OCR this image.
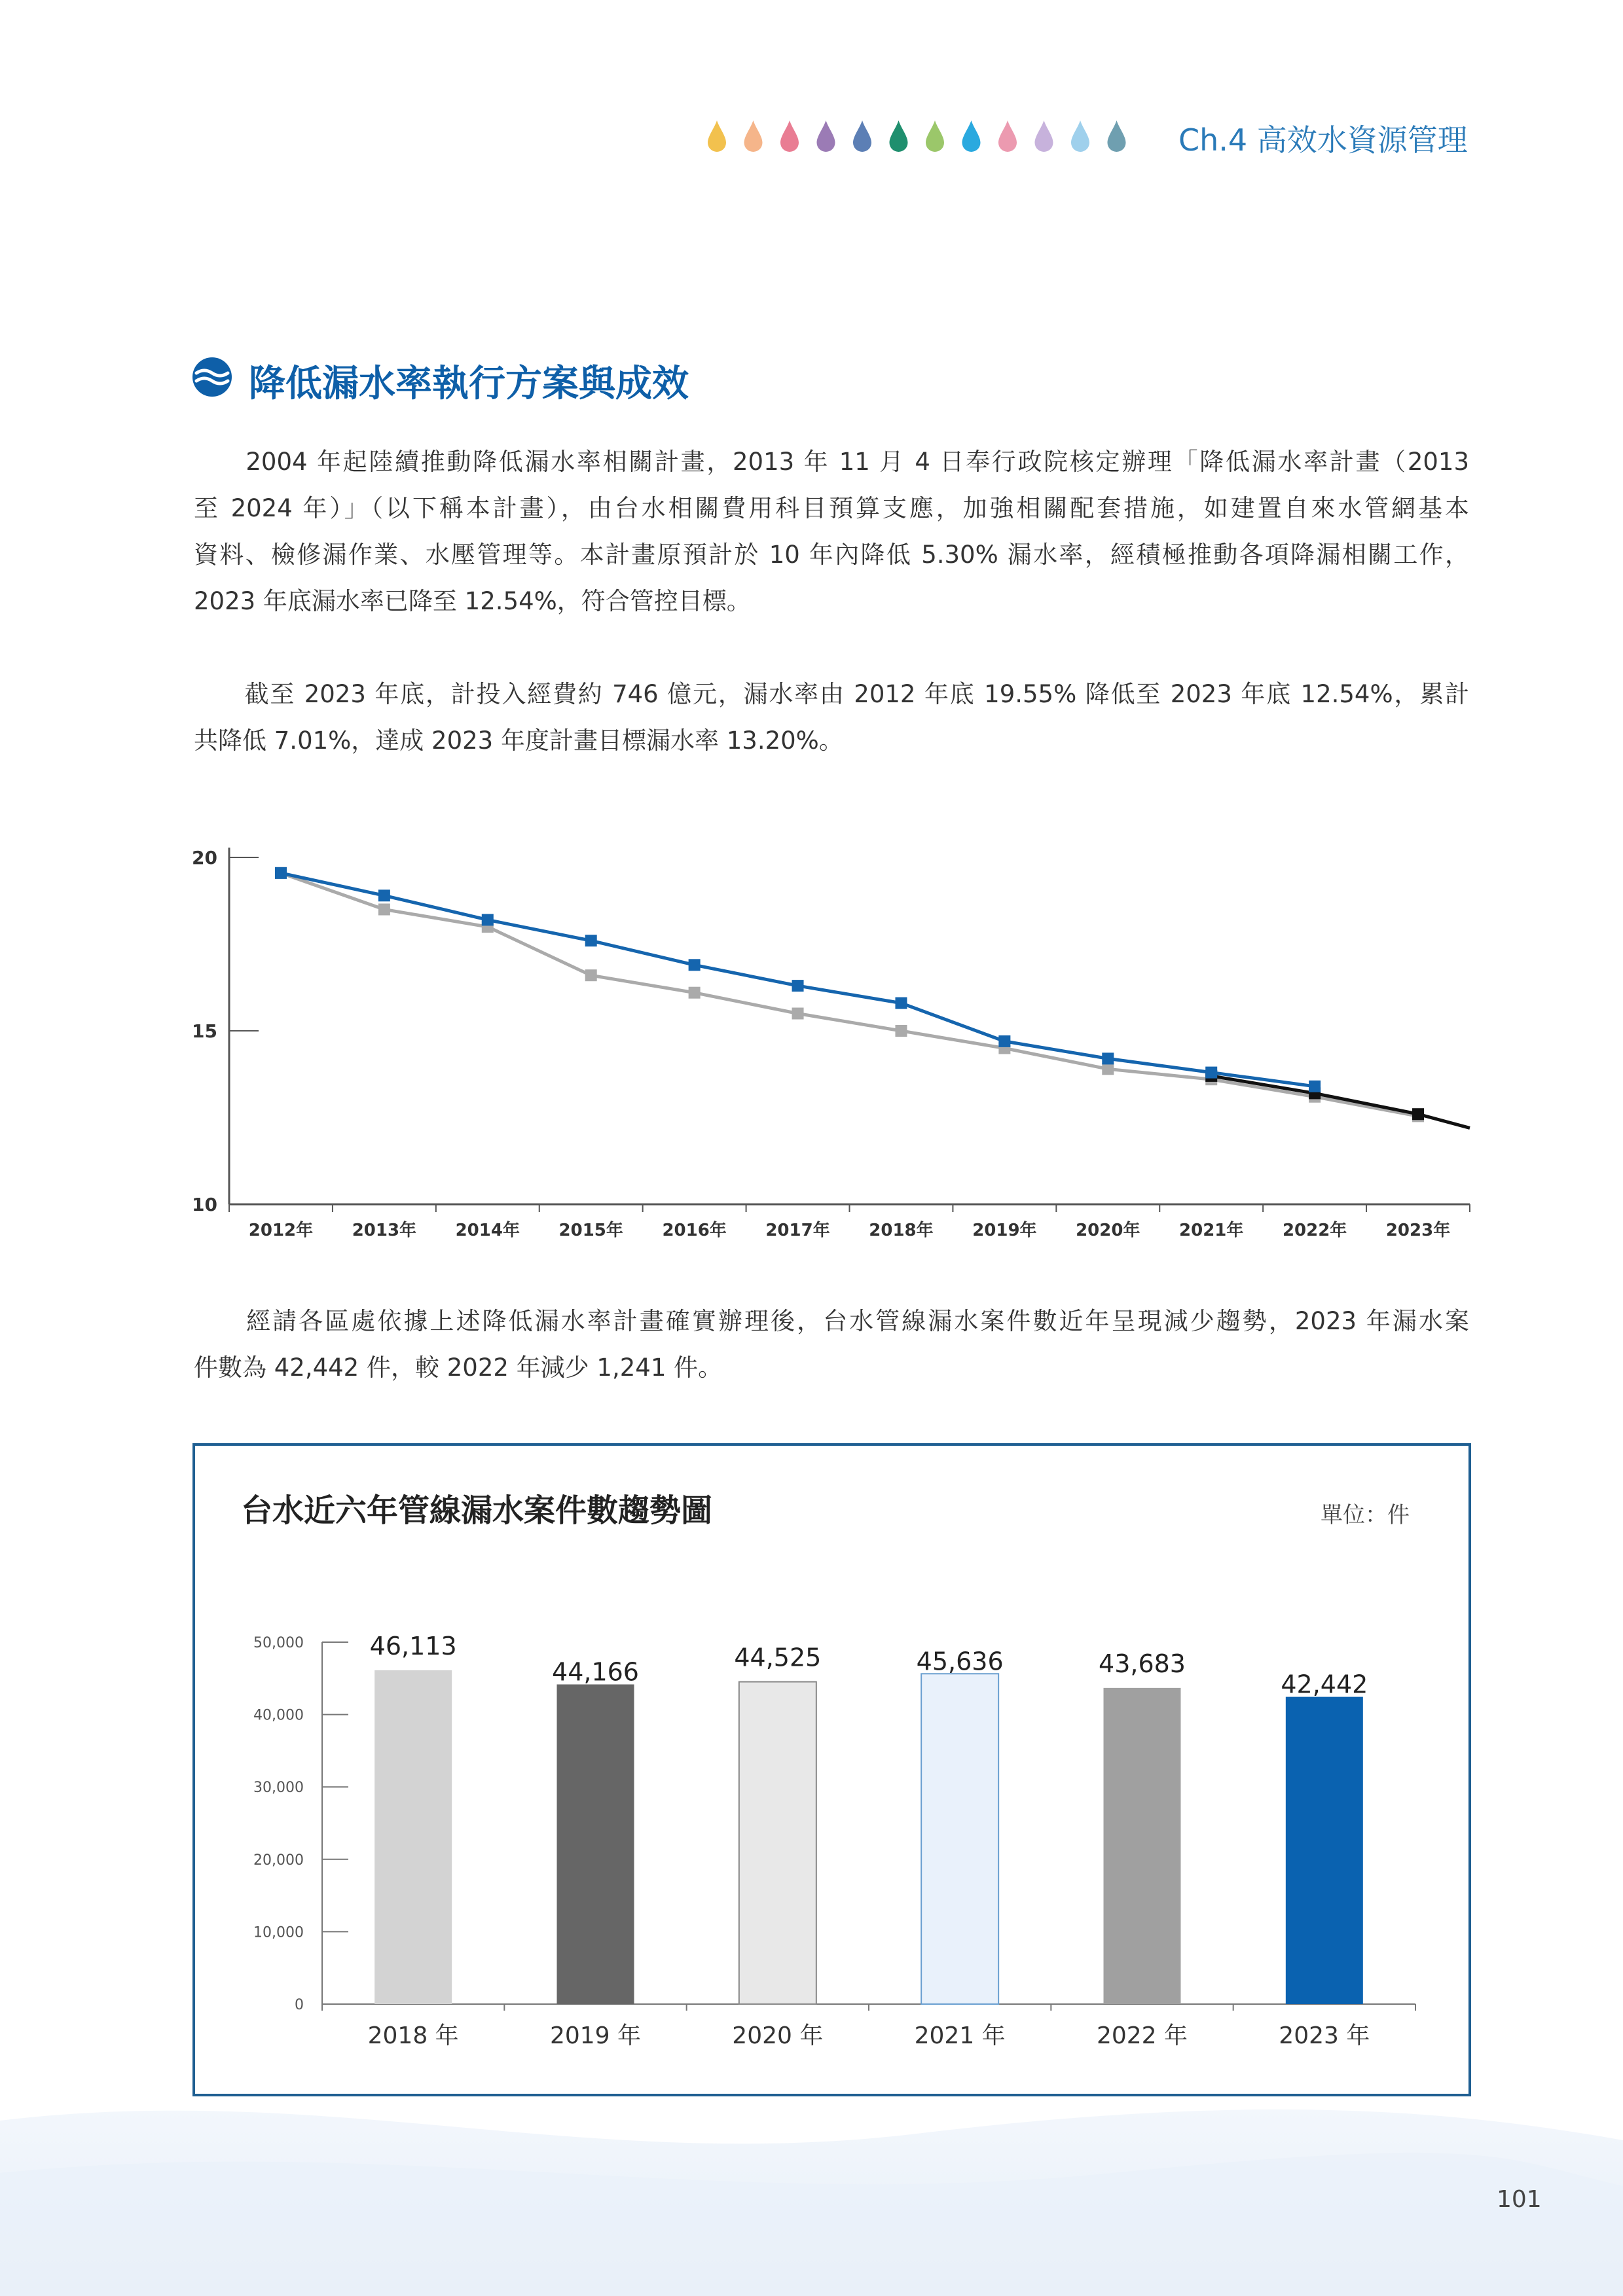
Ch.4 高效水資源管理
降低漏水率執行方案與成效
　　2004 年起陸續推動降低漏水率相關計畫，2013 年 11 月 4 日奉行政院核定辦理「降低漏水率計畫（2013
至 2024 年）」（以下稱本計畫），由台水相關費用科目預算支應，加強相關配套措施，如建置自來水管網基本
資料、檢修漏作業、水壓管理等。本計畫原預計於 10 年內降低 5.30% 漏水率，經積極推動各項降漏相關工作，
2023 年底漏水率已降至 12.54%，符合管控目標。
　　截至 2023 年底，計投入經費約 746 億元，漏水率由 2012 年底 19.55% 降低至 2023 年底 12.54%，累計
共降低 7.01%，達成 2023 年度計畫目標漏水率 13.20%。
10
15
20
2012年 2013年 2014年 2015年 2016年 2017年 2018年 2019年 2020年 2021年 2022年 2023年
　　經請各區處依據上述降低漏水率計畫確實辦理後，台水管線漏水案件數近年呈現減少趨勢，2023 年漏水案
件數為 42,442 件，較 2022 年減少 1,241 件。
台水近六年管線漏水案件數趨勢圖	單位：件
0
10,000
20,000
30,000
40,000
50,000	46,113
2018 年
44,166
2019 年
44,525
2020 年
45,636
2021 年
43,683
2022 年
42,442
2023 年
101
